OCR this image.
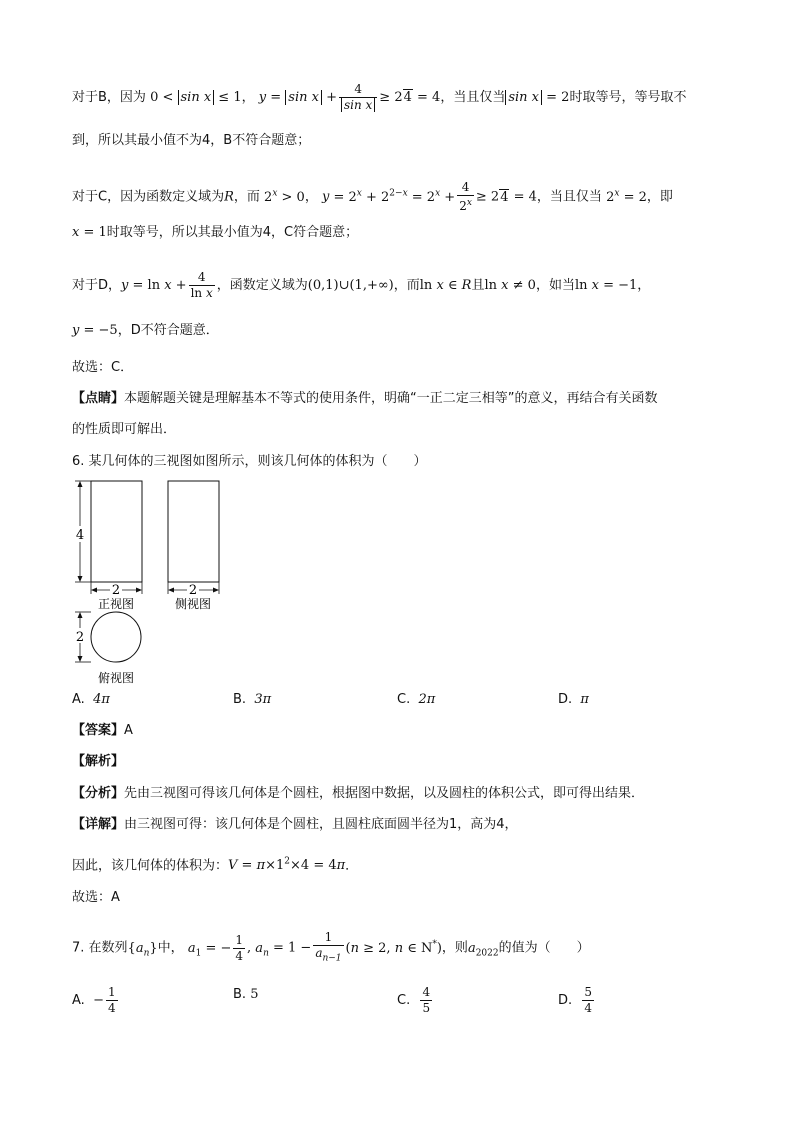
对于B，因为 0 < sin x ≤ 1， $y = \sin x + \frac{4}{\text{sin x}} \ge 24 = 4$，当且仅当 sin x = 2时取等号，等号取不
到，所以其最小值不为4，B不符合题意；
对于C，因为函数定义域为R，而 $2^x > 0$， $y = 2^x + 2^{2-x} = 2^x + \frac{4}{2^x} \ge 24 = 4$，当且仅当 $2^x = 2$，即
x = 1时取等号，所以其最小值为4，C符合题意；
对于D，$y = \ln x + \frac{4}{\text{ln x}}$ ，函数定义域为(0,1)∪(1,+∞)，而ln x ∈ R且ln x ≠ 0，如当ln x = −1，
y = −5，D不符合题意．
故选：C．
【点睛】本题解题关键是理解基本不等式的使用条件，明确“一正二定三相等”的意义，再结合有关函数
的性质即可解出．
6. 某几何体的三视图如图所示，则该几何体的体积为（　　）
4
2
正视图
2
侧视图
2
俯视图
A. 4π	B. 3π	C. 2π	D. π
【答案】A
【解析】
【分析】先由三视图可得该几何体是个圆柱，根据图中数据，以及圆柱的体积公式，即可得出结果．
【详解】由三视图可得：该几何体是个圆柱，且圆柱底面圆半径为1，高为4，
因此，该几何体的体积为：$V = \pi\times 1^2\times 4 = 4\pi$．
故选：A
7. 在数列$\{a_n\}$中， $a_1$ = − $\frac{1}{4}$ , $a_n = 1 - \frac{1}{a_{n-1}} (n \ge 2$, n ∈ N*)，则$a_{2022}$的值为（　　）
A. − $\frac{1}{4}$	B. 5	C. $\frac{4}{5}$	D. $\frac{5}{4}$
